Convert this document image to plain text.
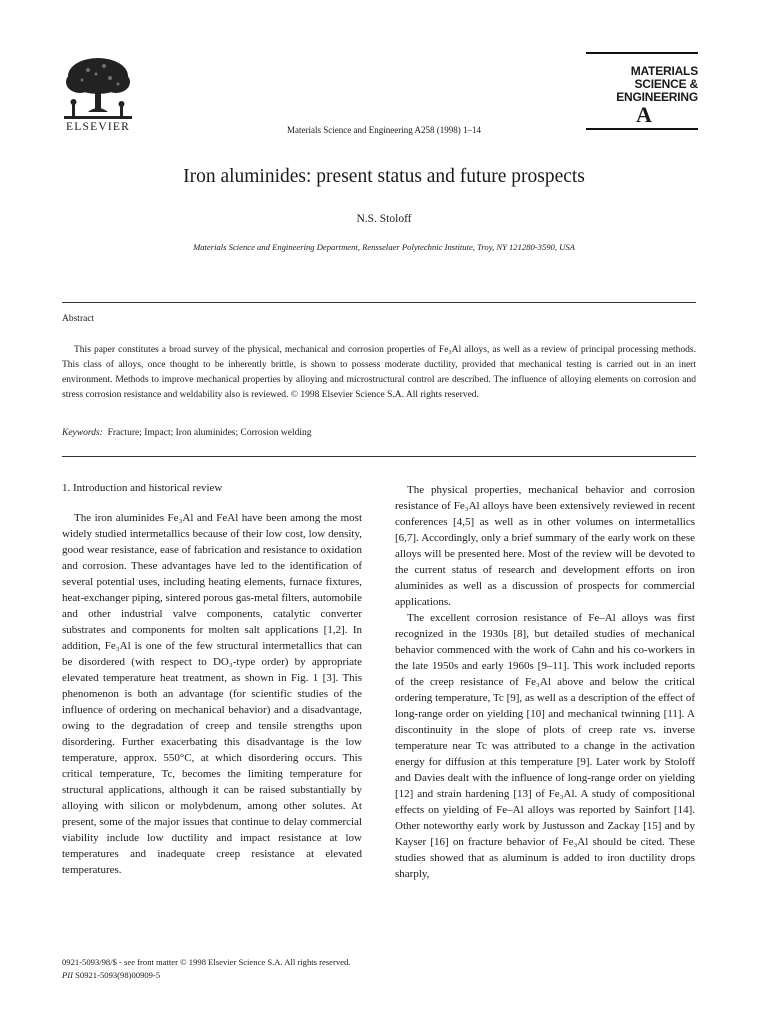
ELSEVIER	Materials Science and Engineering A258 (1998) 1–14
MATERIALS
SCIENCE &
ENGINEERING
A
Iron aluminides: present status and future prospects
N.S. Stoloff
Materials Science and Engineering Department, Rensselaer Polytechnic Institute, Troy, NY 121280-3590, USA
Abstract

This paper constitutes a broad survey of the physical, mechanical and corrosion properties of Fe₃Al alloys, as well as a review of principal processing methods. This class of alloys, once thought to be inherently brittle, is shown to possess moderate ductility, provided that mechanical testing is carried out in an inert environment. Methods to improve mechanical properties by alloying and microstructural control are described. The influence of alloying elements on corrosion and stress corrosion resistance and weldability also is reviewed. © 1998 Elsevier Science S.A. All rights reserved.

Keywords: Fracture; Impact; Iron aluminides; Corrosion welding
1. Introduction and historical review

The iron aluminides Fe₃Al and FeAl have been among the most widely studied intermetallics because of their low cost, low density, good wear resistance, ease of fabrication and resistance to oxidation and corrosion. These advantages have led to the identification of several potential uses, including heating elements, furnace fixtures, heat-exchanger piping, sintered porous gas-metal filters, automobile and other industrial valve components, catalytic converter substrates and components for molten salt applications [1,2]. In addition, Fe₃Al is one of the few structural intermetallics that can be disordered (with respect to DO₃-type order) by appropriate elevated temperature heat treatment, as shown in Fig. 1 [3]. This phenomenon is both an advantage (for scientific studies of the influence of ordering on mechanical behavior) and a disadvantage, owing to the degradation of creep and tensile strengths upon disordering. Further exacerbating this disadvantage is the low temperature, approx. 550°C, at which disordering occurs. This critical temperature, Tc, becomes the limiting temperature for structural applications, although it can be raised substantially by alloying with silicon or molybdenum, among other solutes. At present, some of the major issues that continue to delay commercial viability include low ductility and impact resistance at low temperatures and inadequate creep resistance at elevated temperatures.

The physical properties, mechanical behavior and corrosion resistance of Fe₃Al alloys have been extensively reviewed in recent conferences [4,5] as well as in other volumes on intermetallics [6,7]. Accordingly, only a brief summary of the early work on these alloys will be presented here. Most of the review will be devoted to the current status of research and development efforts on iron aluminides as well as a discussion of prospects for commercial applications.

The excellent corrosion resistance of Fe–Al alloys was first recognized in the 1930s [8], but detailed studies of mechanical behavior commenced with the work of Cahn and his co-workers in the late 1950s and early 1960s [9–11]. This work included reports of the creep resistance of Fe₃Al above and below the critical ordering temperature, Tc [9], as well as a description of the effect of long-range order on yielding [10] and mechanical twinning [11]. A discontinuity in the slope of plots of creep rate vs. inverse temperature near Tc was attributed to a change in the activation energy for diffusion at this temperature [9]. Later work by Stoloff and Davies dealt with the influence of long-range order on yielding [12] and strain hardening [13] of Fe₃Al. A study of compositional effects on yielding of Fe–Al alloys was reported by Sainfort [14]. Other noteworthy early work by Justusson and Zackay [15] and by Kayser [16] on fracture behavior of Fe₃Al should be cited. These studies showed that as aluminum is added to iron ductility drops sharply,

0921-5093/98/$ - see front matter © 1998 Elsevier Science S.A. All rights reserved.
PII S0921-5093(98)00909-5
